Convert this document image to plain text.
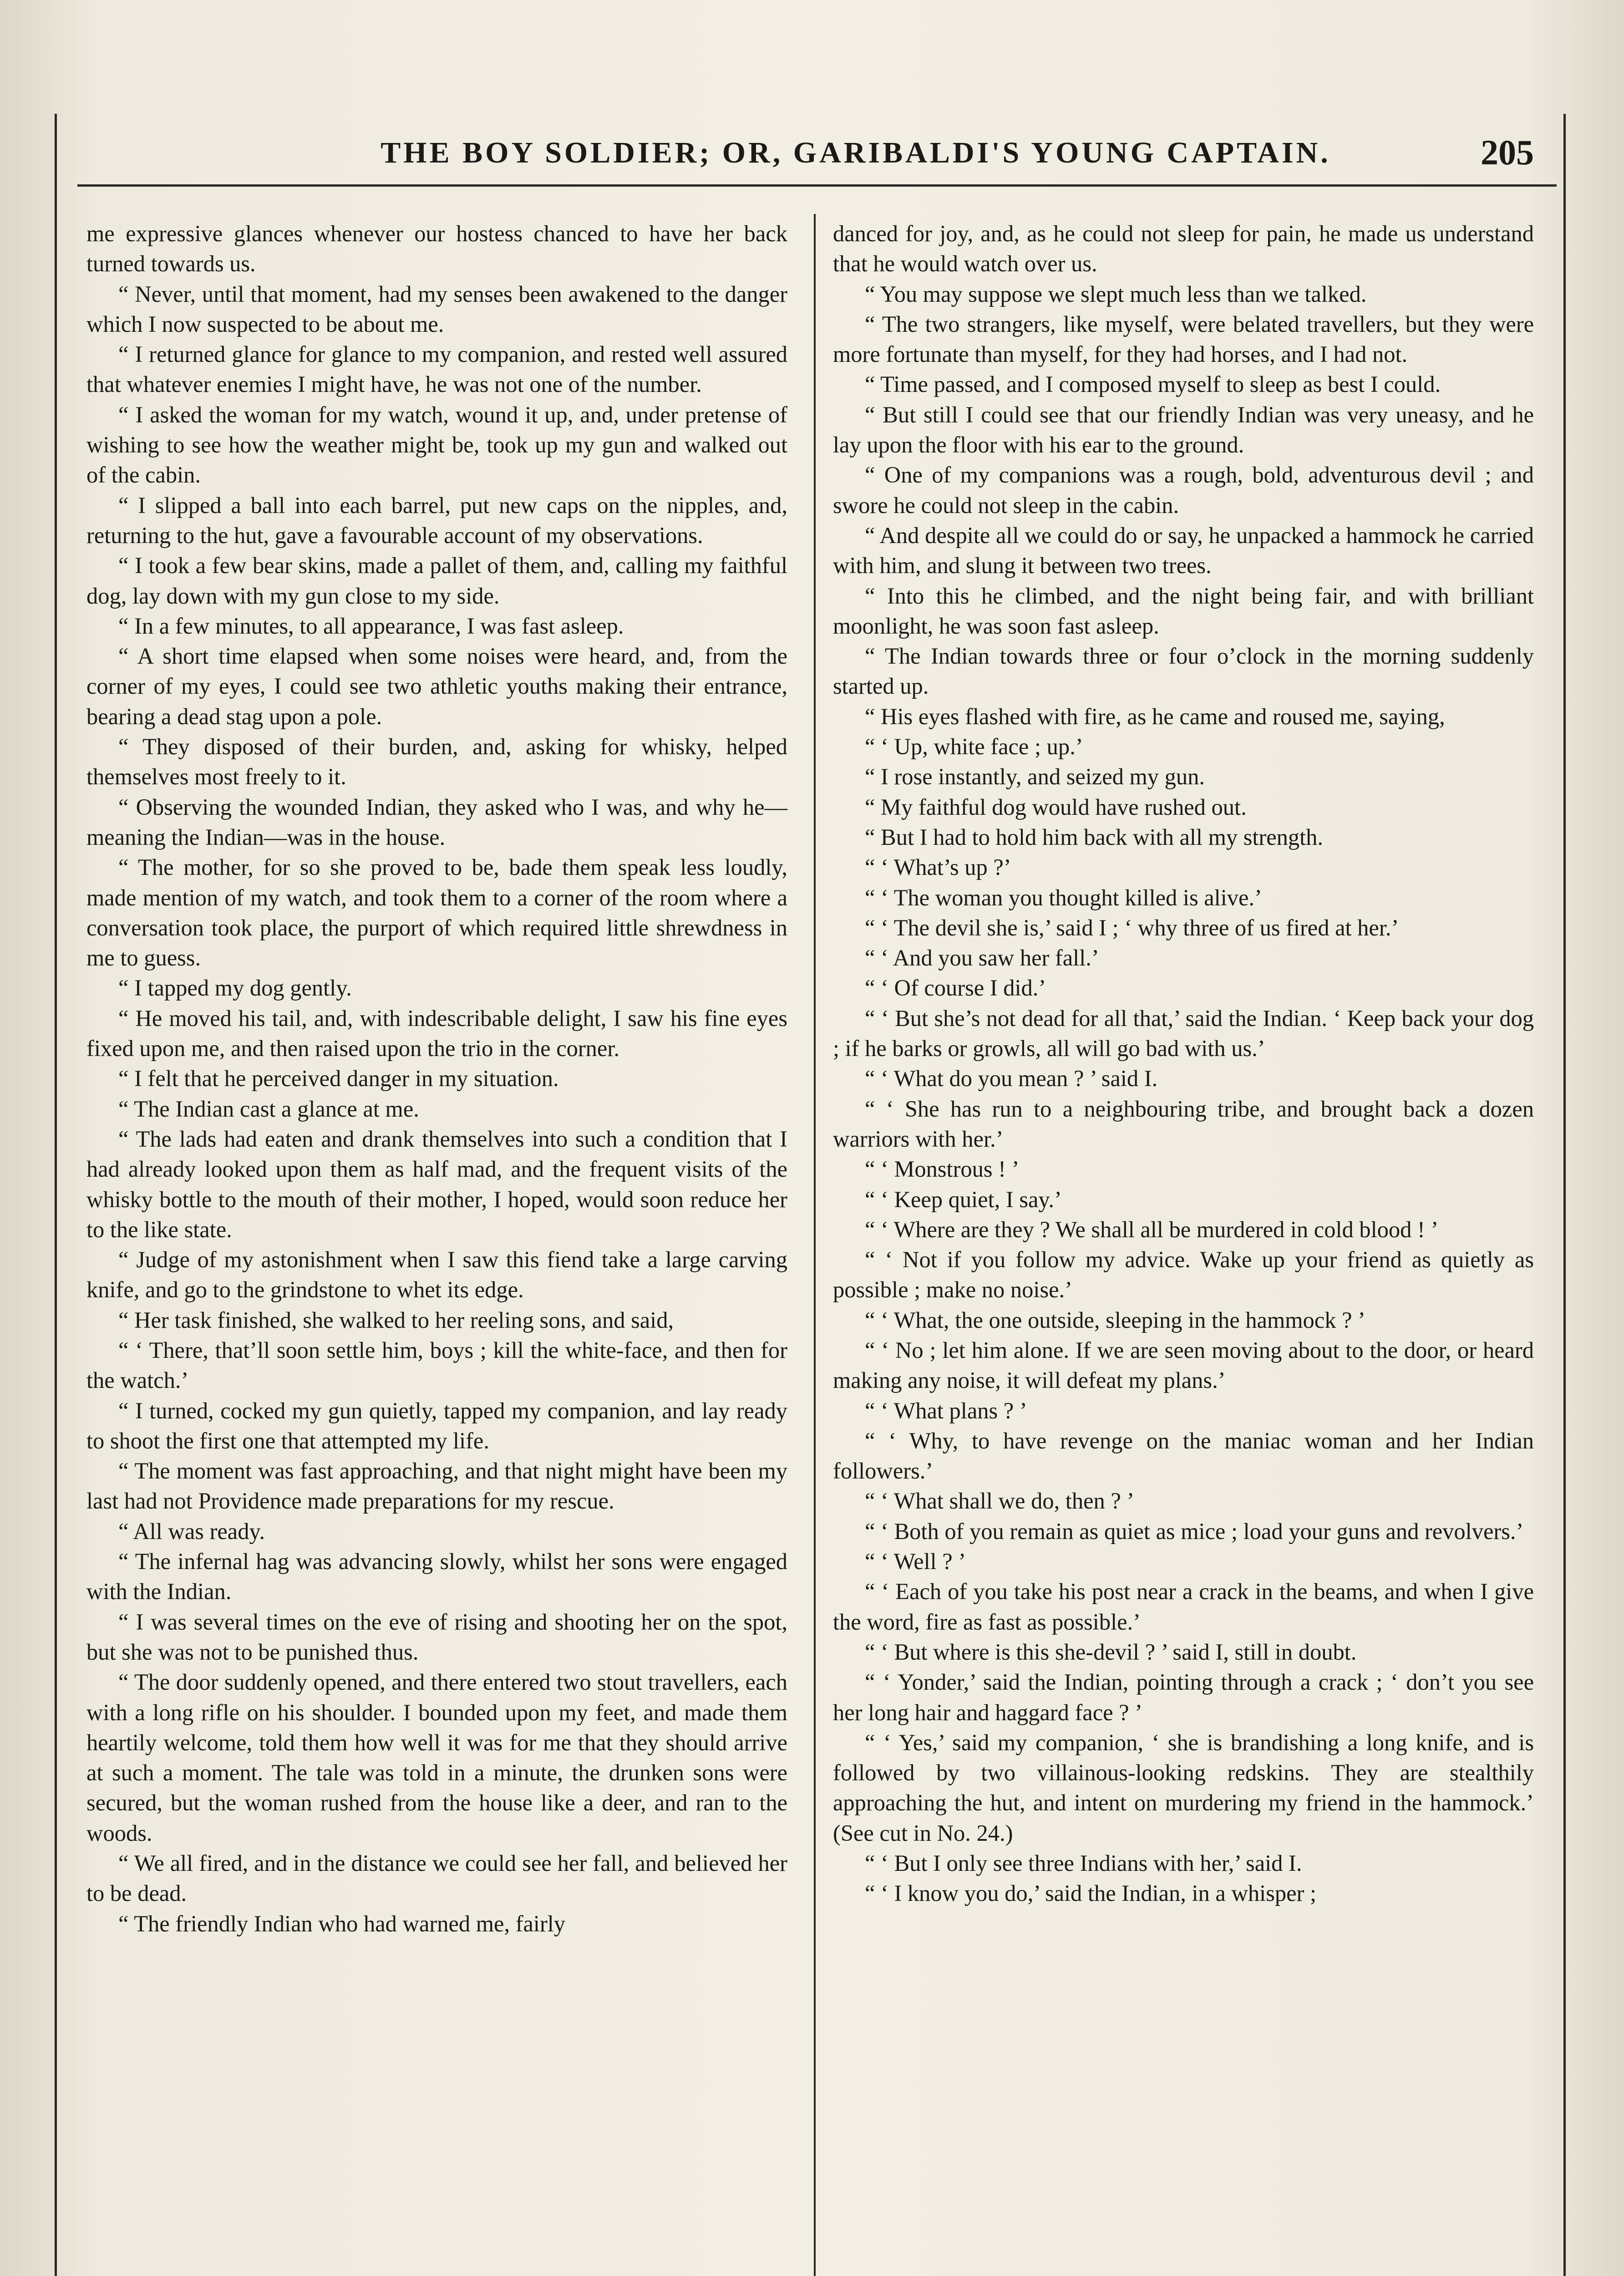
THE BOY SOLDIER; OR, GARIBALDI'S YOUNG CAPTAIN.	205

me expressive glances whenever our hostess chanced to have her back turned towards us.

“ Never, until that moment, had my senses been awakened to the danger which I now suspected to be about me.

“ I returned glance for glance to my companion, and rested well assured that whatever enemies I might have, he was not one of the number.

“ I asked the woman for my watch, wound it up, and, under pretense of wishing to see how the weather might be, took up my gun and walked out of the cabin.

“ I slipped a ball into each barrel, put new caps on the nipples, and, returning to the hut, gave a favourable account of my observations.

“ I took a few bear skins, made a pallet of them, and, calling my faithful dog, lay down with my gun close to my side.

“ In a few minutes, to all appearance, I was fast asleep.

“ A short time elapsed when some noises were heard, and, from the corner of my eyes, I could see two athletic youths making their entrance, bearing a dead stag upon a pole.

“ They disposed of their burden, and, asking for whisky, helped themselves most freely to it.

“ Observing the wounded Indian, they asked who I was, and why he—meaning the Indian—was in the house.

“ The mother, for so she proved to be, bade them speak less loudly, made mention of my watch, and took them to a corner of the room where a conversation took place, the purport of which required little shrewdness in me to guess.

“ I tapped my dog gently.

“ He moved his tail, and, with indescribable delight, I saw his fine eyes fixed upon me, and then raised upon the trio in the corner.

“ I felt that he perceived danger in my situation.

“ The Indian cast a glance at me.

“ The lads had eaten and drank themselves into such a condition that I had already looked upon them as half mad, and the frequent visits of the whisky bottle to the mouth of their mother, I hoped, would soon reduce her to the like state.

“ Judge of my astonishment when I saw this fiend take a large carving knife, and go to the grindstone to whet its edge.

“ Her task finished, she walked to her reeling sons, and said,

“ ‘ There, that’ll soon settle him, boys ; kill the white-face, and then for the watch.’

“ I turned, cocked my gun quietly, tapped my companion, and lay ready to shoot the first one that attempted my life.

“ The moment was fast approaching, and that night might have been my last had not Providence made preparations for my rescue.

“ All was ready.

“ The infernal hag was advancing slowly, whilst her sons were engaged with the Indian.

“ I was several times on the eve of rising and shooting her on the spot, but she was not to be punished thus.

“ The door suddenly opened, and there entered two stout travellers, each with a long rifle on his shoulder. I bounded upon my feet, and made them heartily welcome, told them how well it was for me that they should arrive at such a moment. The tale was told in a minute, the drunken sons were secured, but the woman rushed from the house like a deer, and ran to the woods.

“ We all fired, and in the distance we could see her fall, and believed her to be dead.

“ The friendly Indian who had warned me, fairly

danced for joy, and, as he could not sleep for pain, he made us understand that he would watch over us.

“ You may suppose we slept much less than we talked.

“ The two strangers, like myself, were belated travellers, but they were more fortunate than myself, for they had horses, and I had not.

“ Time passed, and I composed myself to sleep as best I could.

“ But still I could see that our friendly Indian was very uneasy, and he lay upon the floor with his ear to the ground.

“ One of my companions was a rough, bold, adventurous devil ; and swore he could not sleep in the cabin.

“ And despite all we could do or say, he unpacked a hammock he carried with him, and slung it between two trees.

“ Into this he climbed, and the night being fair, and with brilliant moonlight, he was soon fast asleep.

“ The Indian towards three or four o’clock in the morning suddenly started up.

“ His eyes flashed with fire, as he came and roused me, saying,

“ ‘ Up, white face ; up.’

“ I rose instantly, and seized my gun.

“ My faithful dog would have rushed out.

“ But I had to hold him back with all my strength.

“ ‘ What’s up ?’

“ ‘ The woman you thought killed is alive.’

“ ‘ The devil she is,’ said I ; ‘ why three of us fired at her.’

“ ‘ And you saw her fall.’

“ ‘ Of course I did.’

“ ‘ But she’s not dead for all that,’ said the Indian. ‘ Keep back your dog ; if he barks or growls, all will go bad with us.’

“ ‘ What do you mean ? ’ said I.

“ ‘ She has run to a neighbouring tribe, and brought back a dozen warriors with her.’

“ ‘ Monstrous ! ’

“ ‘ Keep quiet, I say.’

“ ‘ Where are they ? We shall all be murdered in cold blood ! ’

“ ‘ Not if you follow my advice. Wake up your friend as quietly as possible ; make no noise.’

“ ‘ What, the one outside, sleeping in the hammock ? ’

“ ‘ No ; let him alone. If we are seen moving about to the door, or heard making any noise, it will defeat my plans.’

“ ‘ What plans ? ’

“ ‘ Why, to have revenge on the maniac woman and her Indian followers.’

“ ‘ What shall we do, then ? ’

“ ‘ Both of you remain as quiet as mice ; load your guns and revolvers.’

“ ‘ Well ? ’

“ ‘ Each of you take his post near a crack in the beams, and when I give the word, fire as fast as possible.’

“ ‘ But where is this she-devil ? ’ said I, still in doubt.

“ ‘ Yonder,’ said the Indian, pointing through a crack ; ‘ don’t you see her long hair and haggard face ? ’

“ ‘ Yes,’ said my companion, ‘ she is brandishing a long knife, and is followed by two villainous-looking redskins. They are stealthily approaching the hut, and intent on murdering my friend in the hammock.’ (See cut in No. 24.)

“ ‘ But I only see three Indians with her,’ said I.

“ ‘ I know you do,’ said the Indian, in a whisper ;
